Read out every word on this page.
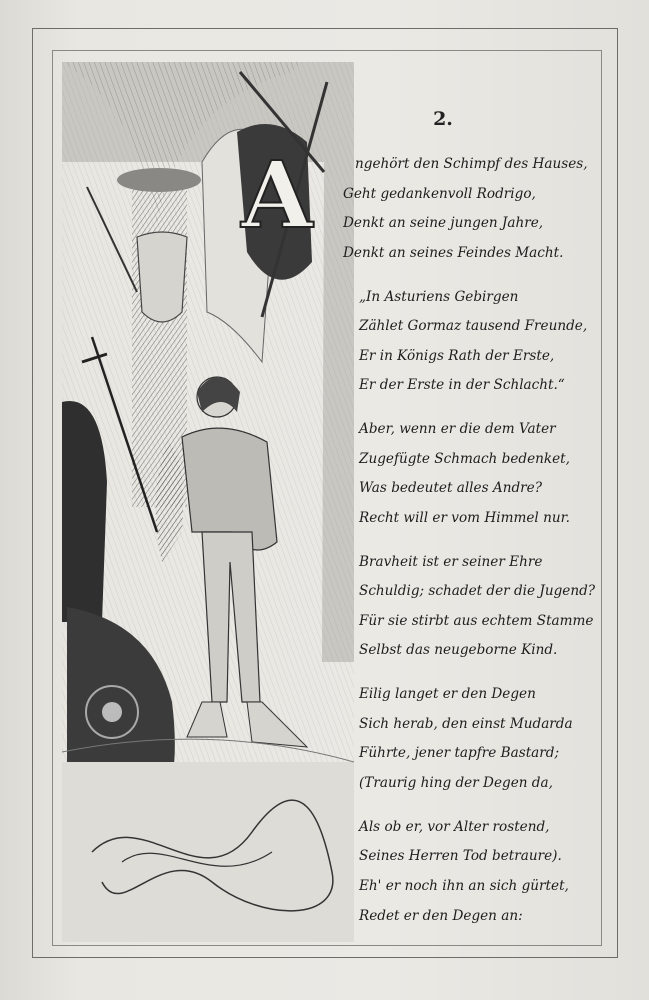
A
2.
ngehört den Schimpf des Hauses,
Geht gedankenvoll Rodrigo,
Denkt an seine jungen Jahre,
Denkt an seines Feindes Macht.
„In Asturiens Gebirgen
Zählet Gormaz tausend Freunde,
Er in Königs Rath der Erste,
Er der Erste in der Schlacht.“
Aber, wenn er die dem Vater
Zugefügte Schmach bedenket,
Was bedeutet alles Andre?
Recht will er vom Himmel nur.
Bravheit ist er seiner Ehre
Schuldig; schadet der die Jugend?
Für sie stirbt aus echtem Stamme
Selbst das neugeborne Kind.
Eilig langet er den Degen
Sich herab, den einst Mudarda
Führte, jener tapfre Bastard;
(Traurig hing der Degen da,
Als ob er, vor Alter rostend,
Seines Herren Tod betraure).
Eh' er noch ihn an sich gürtet,
Redet er den Degen an:
